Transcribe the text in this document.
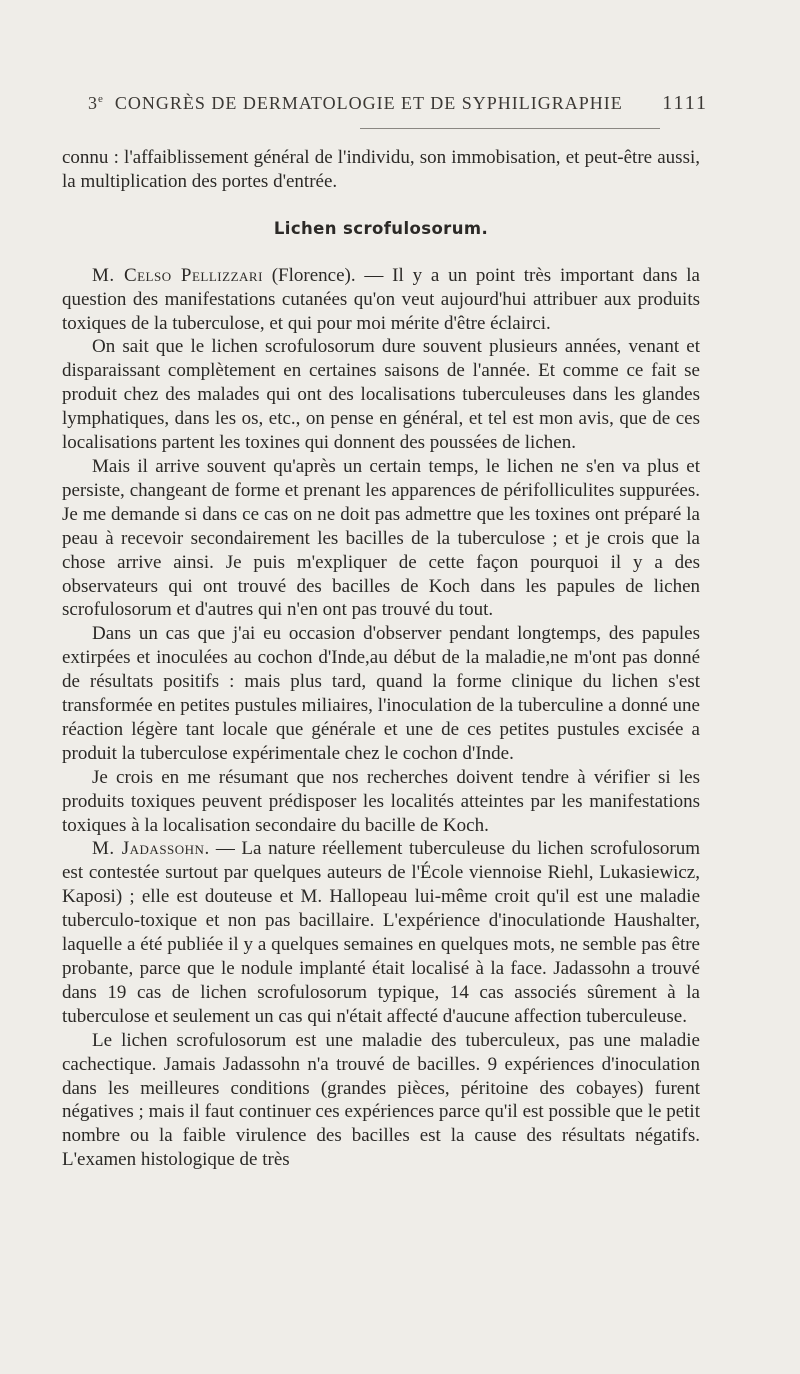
3e CONGRÈS DE DERMATOLOGIE ET DE SYPHILIGRAPHIE 1111

connu : l'affaiblissement général de l'individu, son immobisation, et peut-être aussi, la multiplication des portes d'entrée.

Lichen scrofulosorum.

M. Celso Pellizzari (Florence). — Il y a un point très important dans la question des manifestations cutanées qu'on veut aujourd'hui attribuer aux produits toxiques de la tuberculose, et qui pour moi mérite d'être éclairci.

On sait que le lichen scrofulosorum dure souvent plusieurs années, venant et disparaissant complètement en certaines saisons de l'année. Et comme ce fait se produit chez des malades qui ont des localisations tuberculeuses dans les glandes lymphatiques, dans les os, etc., on pense en général, et tel est mon avis, que de ces localisations partent les toxines qui donnent des poussées de lichen.

Mais il arrive souvent qu'après un certain temps, le lichen ne s'en va plus et persiste, changeant de forme et prenant les apparences de périfolliculites suppurées. Je me demande si dans ce cas on ne doit pas admettre que les toxines ont préparé la peau à recevoir secondairement les bacilles de la tuberculose ; et je crois que la chose arrive ainsi. Je puis m'expliquer de cette façon pourquoi il y a des observateurs qui ont trouvé des bacilles de Koch dans les papules de lichen scrofulosorum et d'autres qui n'en ont pas trouvé du tout.

Dans un cas que j'ai eu occasion d'observer pendant longtemps, des papules extirpées et inoculées au cochon d'Inde,au début de la maladie,ne m'ont pas donné de résultats positifs : mais plus tard, quand la forme clinique du lichen s'est transformée en petites pustules miliaires, l'inoculation de la tuberculine a donné une réaction légère tant locale que générale et une de ces petites pustules excisée a produit la tuberculose expérimentale chez le cochon d'Inde.

Je crois en me résumant que nos recherches doivent tendre à vérifier si les produits toxiques peuvent prédisposer les localités atteintes par les manifestations toxiques à la localisation secondaire du bacille de Koch.

M. Jadassohn. — La nature réellement tuberculeuse du lichen scrofulosorum est contestée surtout par quelques auteurs de l'École viennoise Riehl, Lukasiewicz, Kaposi) ; elle est douteuse et M. Hallopeau lui-même croit qu'il est une maladie tuberculo-toxique et non pas bacillaire. L'expérience d'inoculationde Haushalter, laquelle a été publiée il y a quelques semaines en quelques mots, ne semble pas être probante, parce que le nodule implanté était localisé à la face. Jadassohn a trouvé dans 19 cas de lichen scrofulosorum typique, 14 cas associés sûrement à la tuberculose et seulement un cas qui n'était affecté d'aucune affection tuberculeuse.

Le lichen scrofulosorum est une maladie des tuberculeux, pas une maladie cachectique. Jamais Jadassohn n'a trouvé de bacilles. 9 expériences d'inoculation dans les meilleures conditions (grandes pièces, péritoine des cobayes) furent négatives ; mais il faut continuer ces expériences parce qu'il est possible que le petit nombre ou la faible virulence des bacilles est la cause des résultats négatifs. L'examen histologique de très
